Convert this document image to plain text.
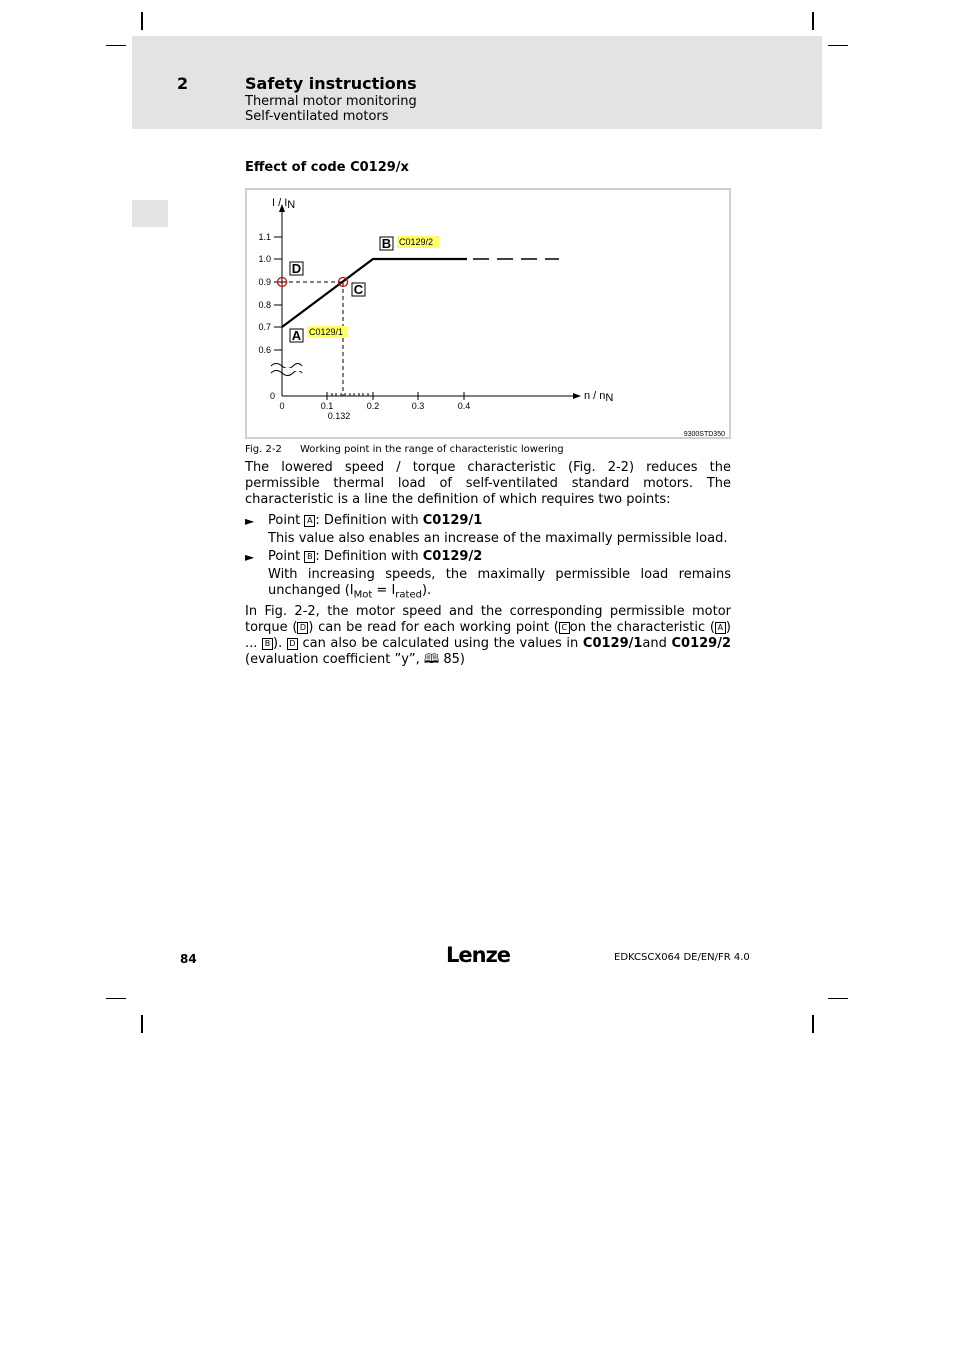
2	Safety instructions
Thermal motor monitoring
Self-ventilated motors
Effect of code C0129/x
I / IN
n / nN
1.1
1.0
0.9
0.8
0.7
0.6
0
0	0.1	0.2	0.3	0.4
0.132
C0129/1
C0129/2
A
B
C
D
9300STD350
Fig. 2-2 Working point in the range of characteristic lowering
The lowered speed / torque characteristic (Fig. 2-2) reduces the permissible thermal load of self-ventilated standard motors. The characteristic is a line the definition of which requires two points:
► Point A : Definition with C0129/1
This value also enables an increase of the maximally permissible load.
► Point B : Definition with C0129/2
With increasing speeds, the maximally permissible load remains
unchanged $(I_{Mot} = I_{rated})$.
In Fig. 2-2, the motor speed and the corresponding permissible motor torque ( D ) can be read for each working point ( C on the characteristic ( A ) ... B ). D can also be calculated using the values in C0129/1and C0129/2 (evaluation coefficient ”y”, 🕮 85)
84	Lenze	EDKCSCX064 DE/EN/FR 4.0
